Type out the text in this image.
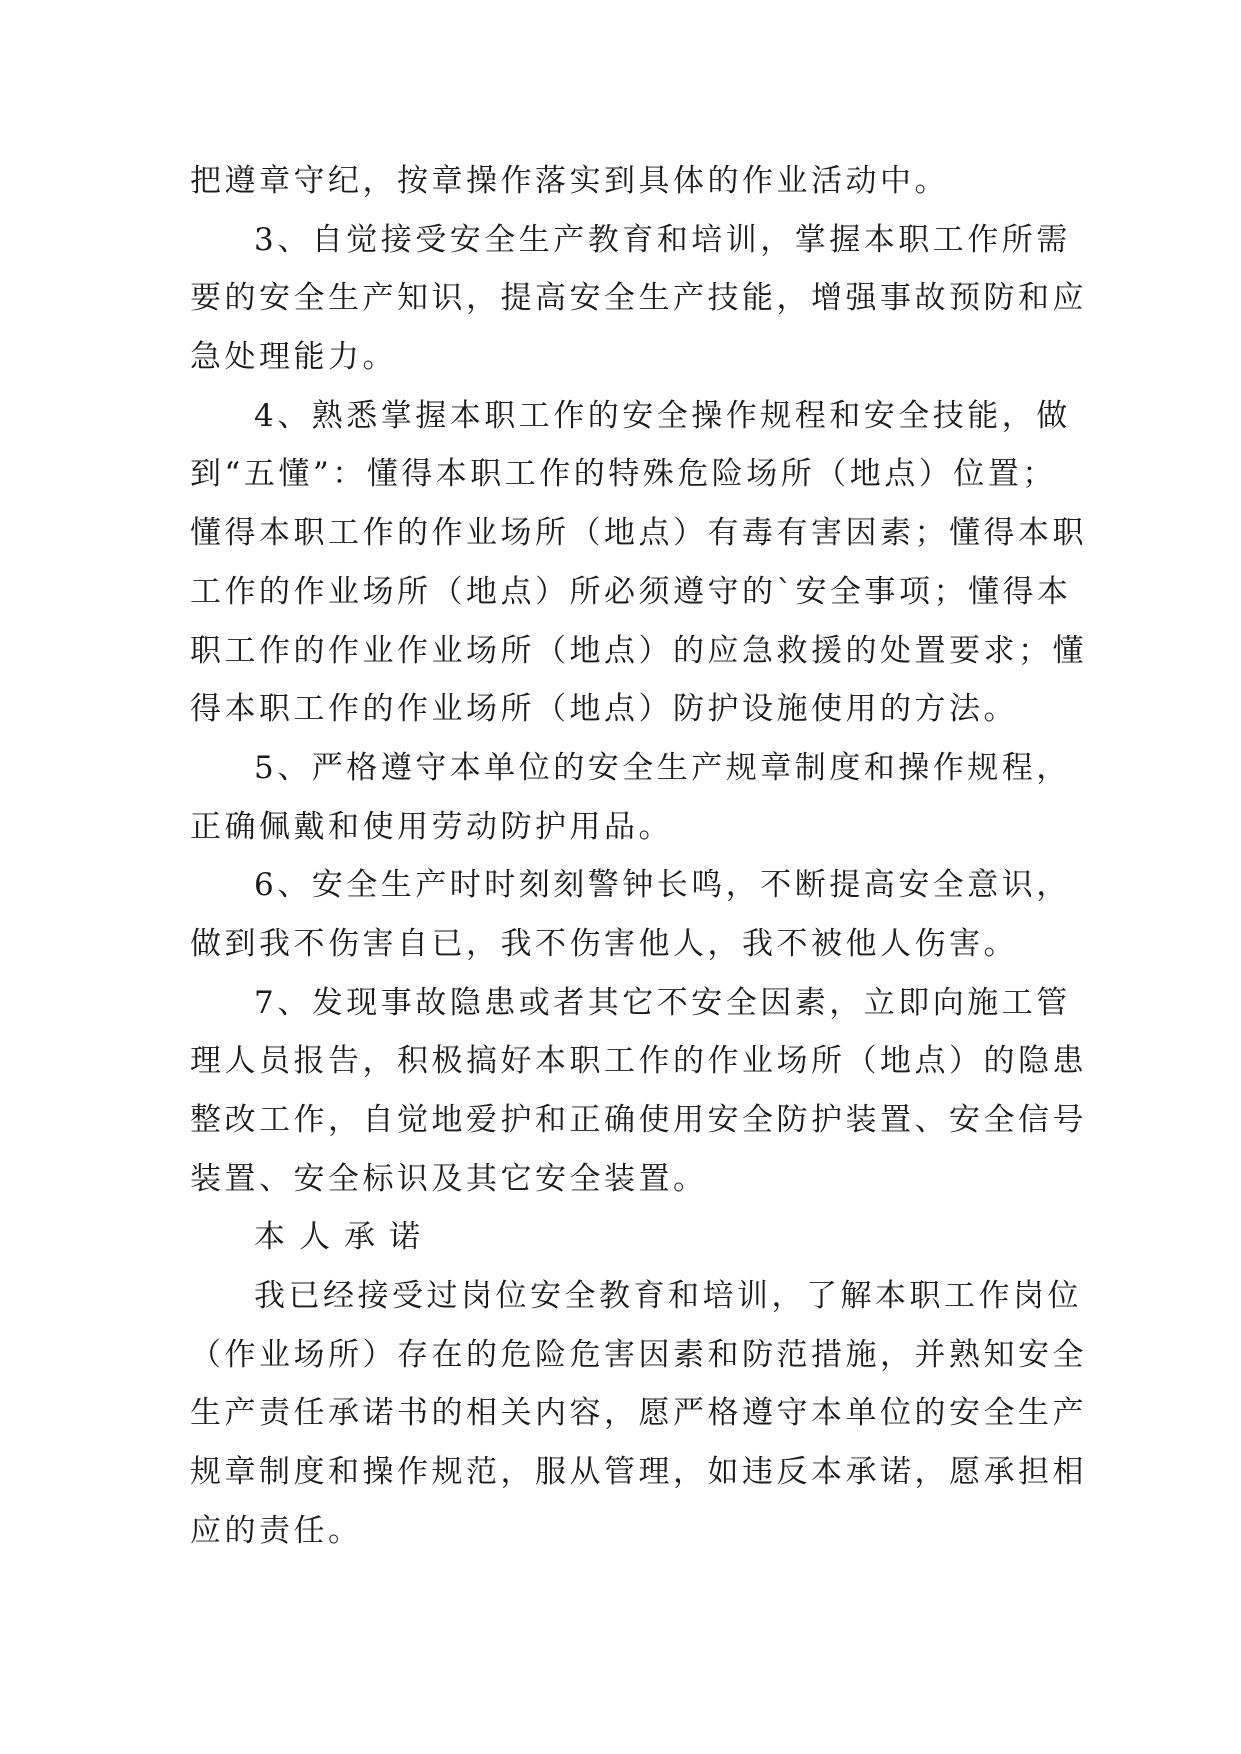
把遵章守纪，按章操作落实到具体的作业活动中。
3、自觉接受安全生产教育和培训，掌握本职工作所需
要的安全生产知识，提高安全生产技能，增强事故预防和应
急处理能力。
4、熟悉掌握本职工作的安全操作规程和安全技能，做
到“五懂”：懂得本职工作的特殊危险场所（地点）位置；
懂得本职工作的作业场所（地点）有毒有害因素；懂得本职
工作的作业场所（地点）所必须遵守的`安全事项；懂得本
职工作的作业作业场所（地点）的应急救援的处置要求；懂
得本职工作的作业场所（地点）防护设施使用的方法。
5、严格遵守本单位的安全生产规章制度和操作规程，
正确佩戴和使用劳动防护用品。
6、安全生产时时刻刻警钟长鸣，不断提高安全意识，
做到我不伤害自已，我不伤害他人，我不被他人伤害。
7、发现事故隐患或者其它不安全因素，立即向施工管
理人员报告，积极搞好本职工作的作业场所（地点）的隐患
整改工作，自觉地爱护和正确使用安全防护装置、安全信号
装置、安全标识及其它安全装置。
本人承诺
我已经接受过岗位安全教育和培训，了解本职工作岗位
（作业场所）存在的危险危害因素和防范措施，并熟知安全
生产责任承诺书的相关内容，愿严格遵守本单位的安全生产
规章制度和操作规范，服从管理，如违反本承诺，愿承担相
应的责任。
